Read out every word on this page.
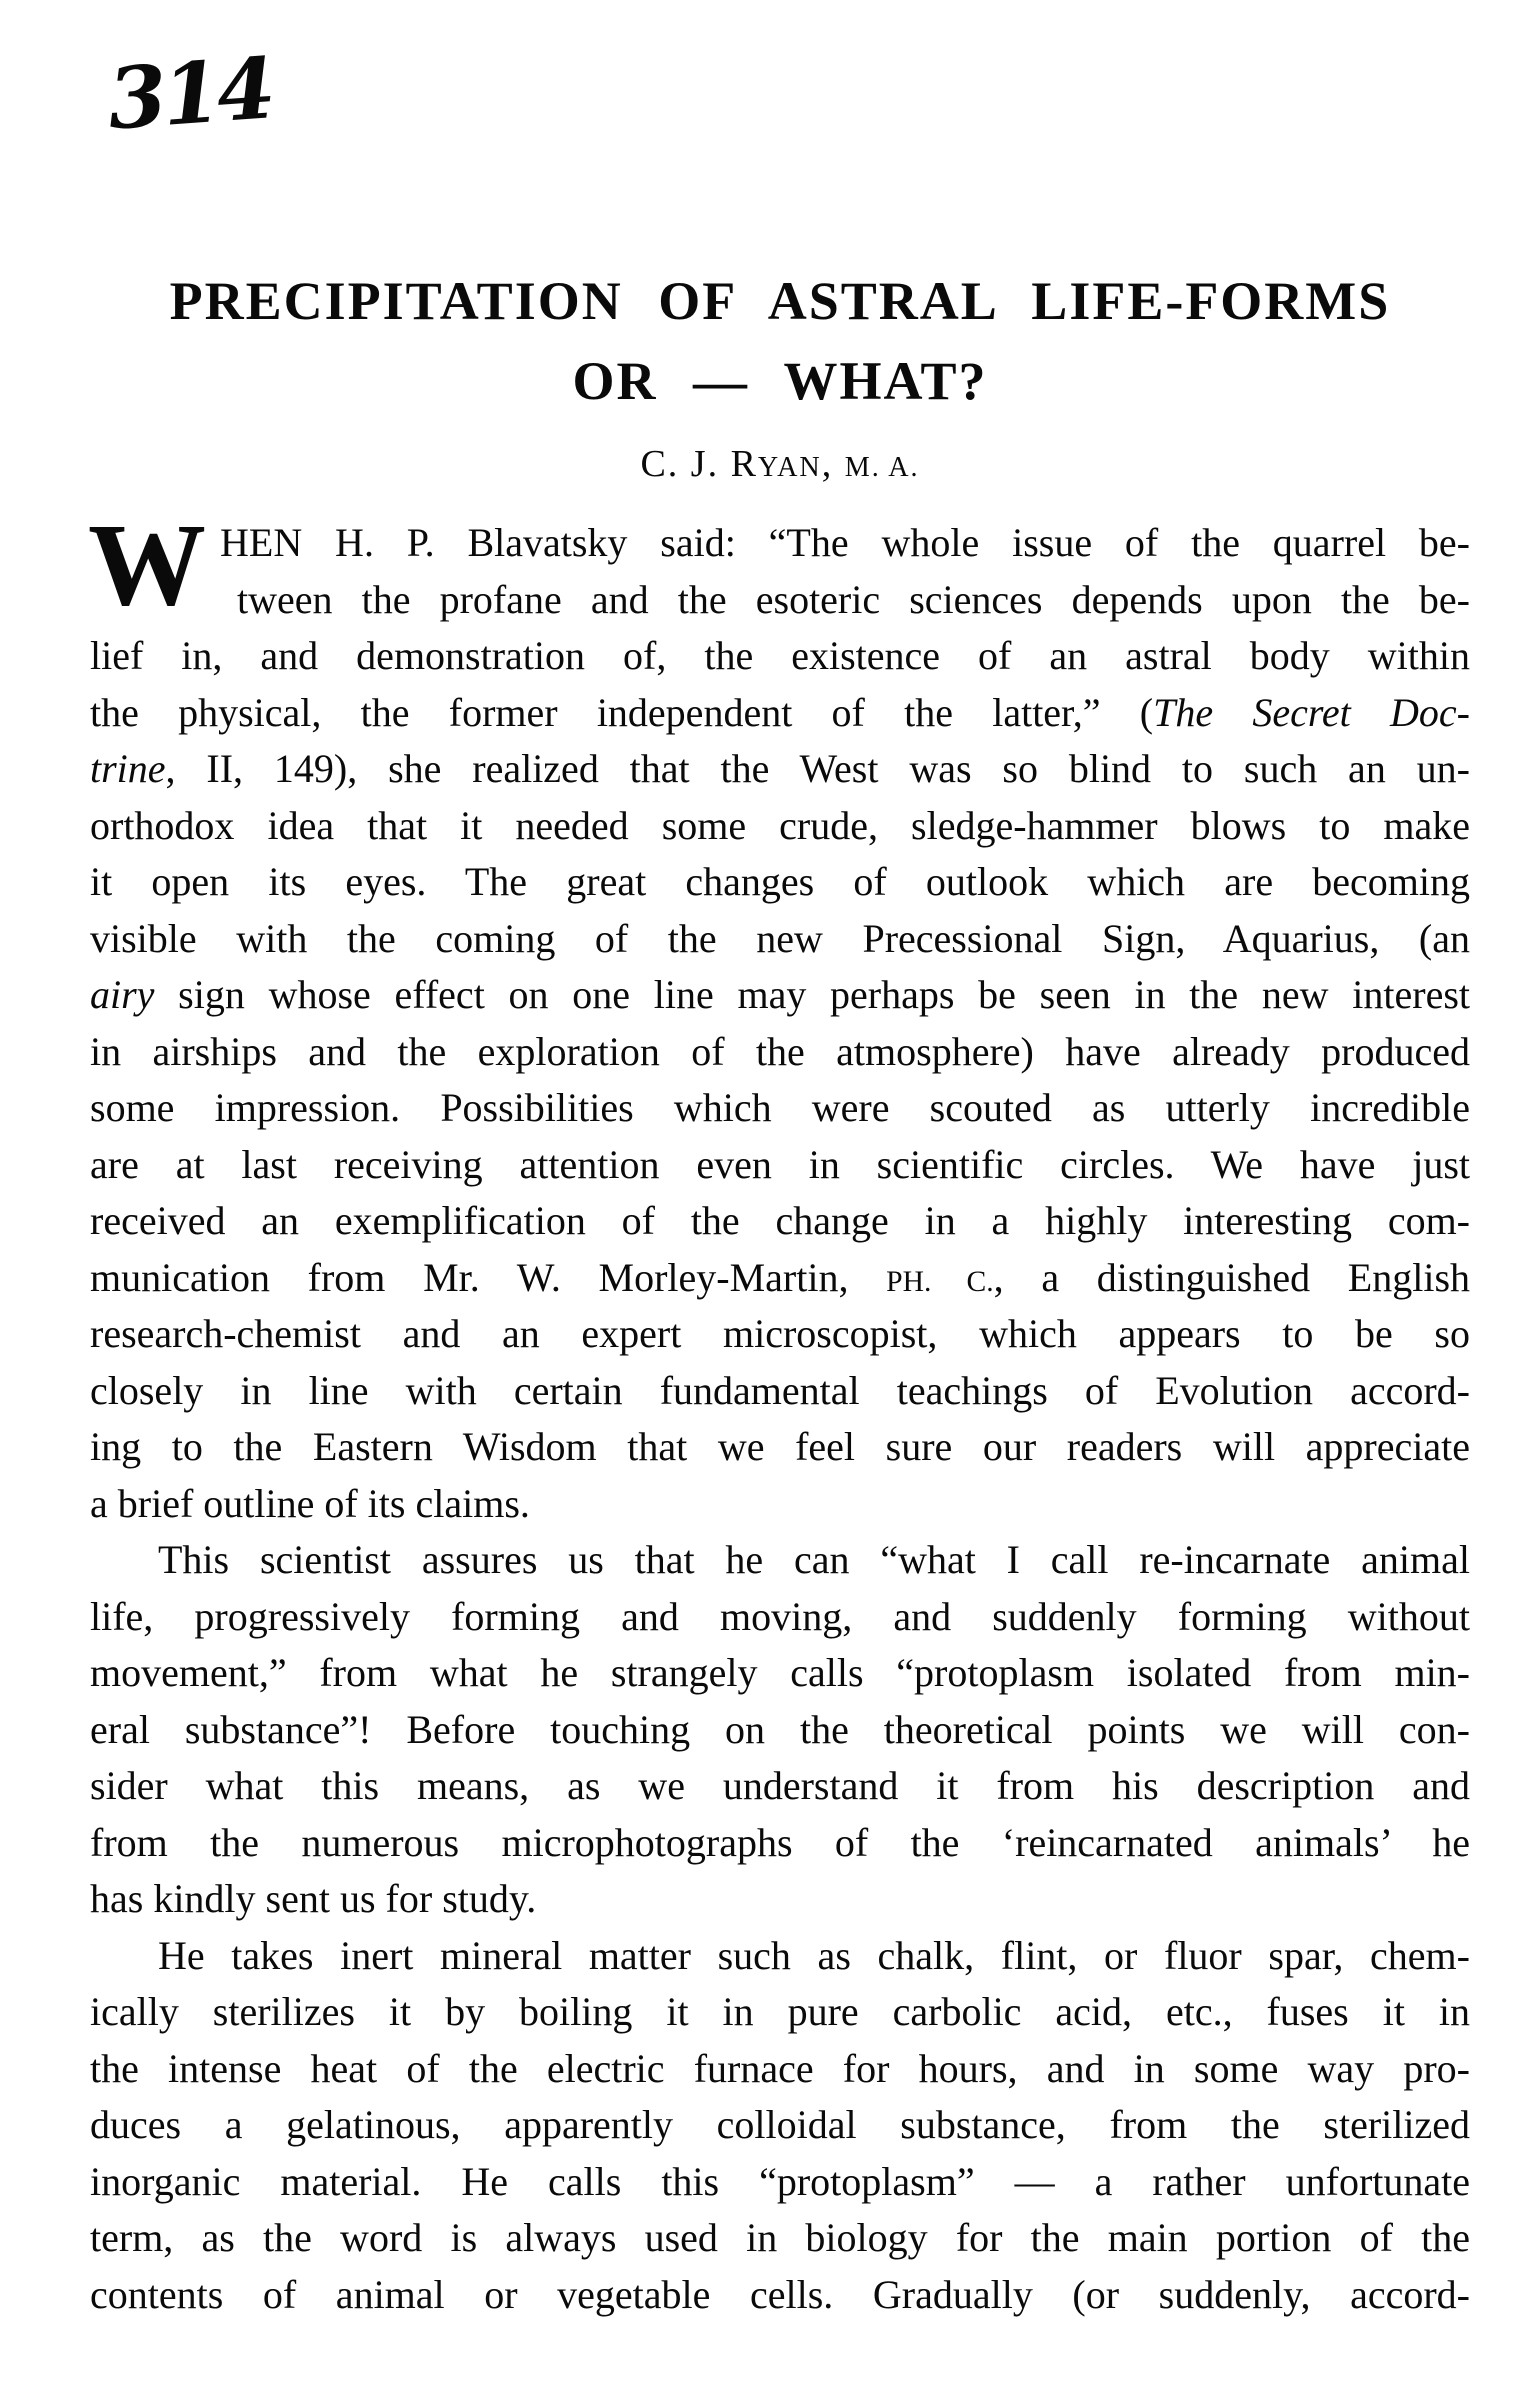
314
PRECIPITATION OF ASTRAL LIFE-FORMS
OR — WHAT?
C. J. RYAN, M. A.
W HEN H. P. Blavatsky said: “The whole issue of the quarrel be-
tween the profane and the esoteric sciences depends upon the be-
lief in, and demonstration of, the existence of an astral body within
the physical, the former independent of the latter,” (The Secret Doc-
trine, II, 149), she realized that the West was so blind to such an un-
orthodox idea that it needed some crude, sledge-hammer blows to make
it open its eyes. The great changes of outlook which are becoming
visible with the coming of the new Precessional Sign, Aquarius, (an
airy sign whose effect on one line may perhaps be seen in the new interest
in airships and the exploration of the atmosphere) have already produced
some impression. Possibilities which were scouted as utterly incredible
are at last receiving attention even in scientific circles. We have just
received an exemplification of the change in a highly interesting com-
munication from Mr. W. Morley-Martin, PH. C., a distinguished English
research-chemist and an expert microscopist, which appears to be so
closely in line with certain fundamental teachings of Evolution accord-
ing to the Eastern Wisdom that we feel sure our readers will appreciate
a brief outline of its claims.
This scientist assures us that he can “what I call re-incarnate animal
life, progressively forming and moving, and suddenly forming without
movement,” from what he strangely calls “protoplasm isolated from min-
eral substance”! Before touching on the theoretical points we will con-
sider what this means, as we understand it from his description and
from the numerous microphotographs of the ‘reincarnated animals’ he
has kindly sent us for study.
He takes inert mineral matter such as chalk, flint, or fluor spar, chem-
ically sterilizes it by boiling it in pure carbolic acid, etc., fuses it in
the intense heat of the electric furnace for hours, and in some way pro-
duces a gelatinous, apparently colloidal substance, from the sterilized
inorganic material. He calls this “protoplasm” — a rather unfortunate
term, as the word is always used in biology for the main portion of the
contents of animal or vegetable cells. Gradually (or suddenly, accord-
